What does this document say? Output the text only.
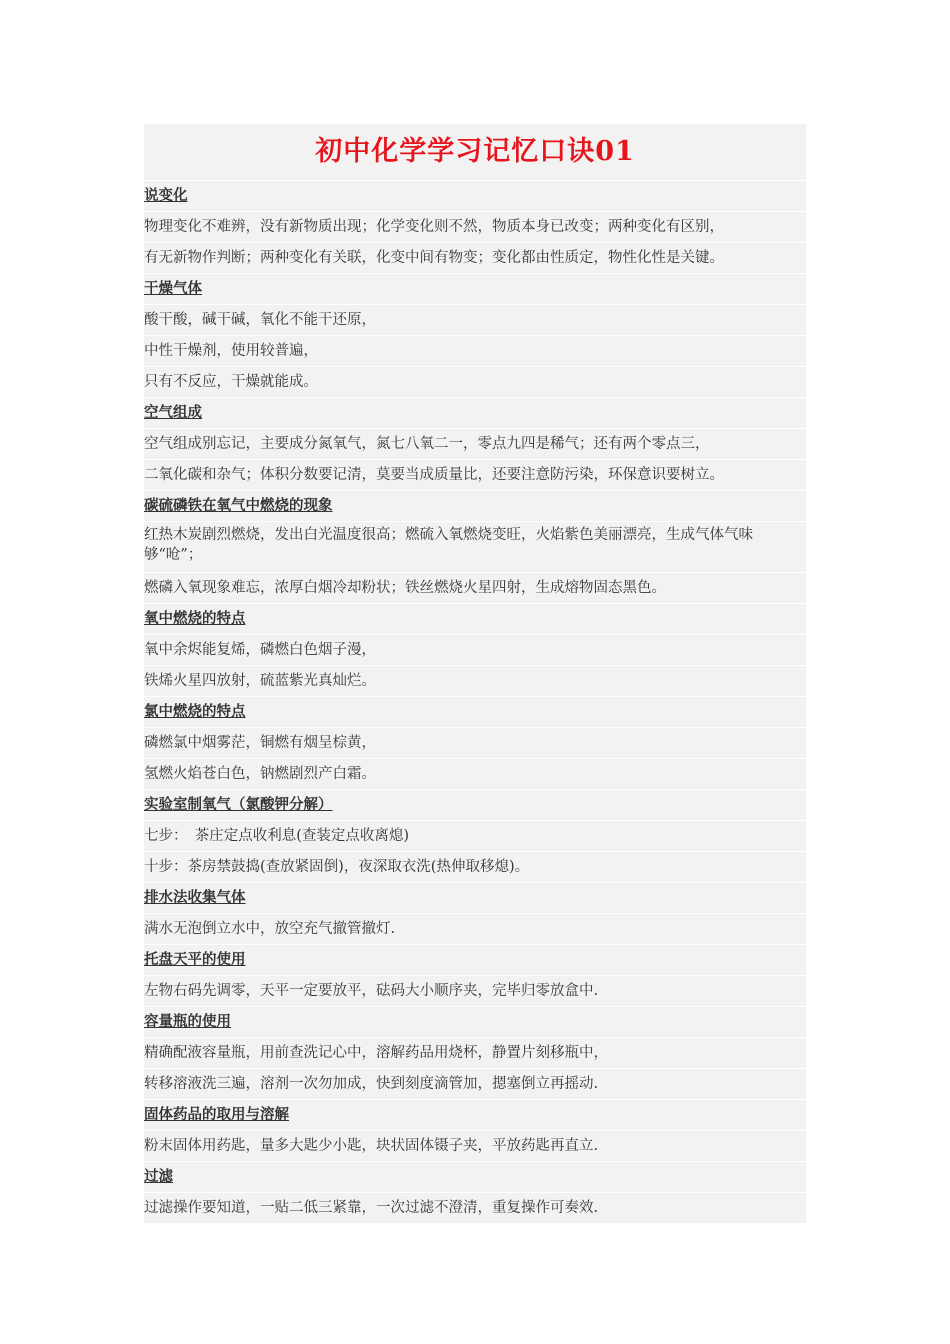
初中化学学习记忆口诀01
说变化
物理变化不难辨，没有新物质出现；化学变化则不然，物质本身已改变；两种变化有区别，
有无新物作判断；两种变化有关联，化变中间有物变；变化都由性质定，物性化性是关键。
干燥气体
酸干酸，碱干碱，氧化不能干还原，
中性干燥剂，使用较普遍，
只有不反应，干燥就能成。
空气组成
空气组成别忘记，主要成分氮氧气，氮七八氧二一，零点九四是稀气；还有两个零点三，
二氧化碳和杂气；体积分数要记清，莫要当成质量比，还要注意防污染，环保意识要树立。
碳硫磷铁在氧气中燃烧的现象
红热木炭剧烈燃烧，发出白光温度很高；燃硫入氧燃烧变旺，火焰紫色美丽漂亮，生成气体气味够“呛”；
燃磷入氧现象难忘，浓厚白烟冷却粉状；铁丝燃烧火星四射，生成熔物固态黑色。
氧中燃烧的特点
氧中余烬能复烯，磷燃白色烟子漫，
铁烯火星四放射，硫蓝紫光真灿烂。
氯中燃烧的特点
磷燃氯中烟雾茫，铜燃有烟呈棕黄，
氢燃火焰苍白色，钠燃剧烈产白霜。
实验室制氧气（氯酸钾分解）
七步：　茶庄定点收利息(查装定点收离熄)
十步：茶房禁鼓捣(查放紧固倒)，夜深取衣洗(热伸取移熄)。
排水法收集气体
满水无泡倒立水中，放空充气撤管撤灯.
托盘天平的使用
左物右码先调零，天平一定要放平，砝码大小顺序夹，完毕归零放盒中.
容量瓶的使用
精确配液容量瓶，用前查洗记心中，溶解药品用烧杯，静置片刻移瓶中，
转移溶液洗三遍，溶剂一次勿加成，快到刻度滴管加，摁塞倒立再摇动.
固体药品的取用与溶解
粉末固体用药匙，量多大匙少小匙，块状固体镊子夹，平放药匙再直立.
过滤
过滤操作要知道，一贴二低三紧靠，一次过滤不澄清，重复操作可奏效.
